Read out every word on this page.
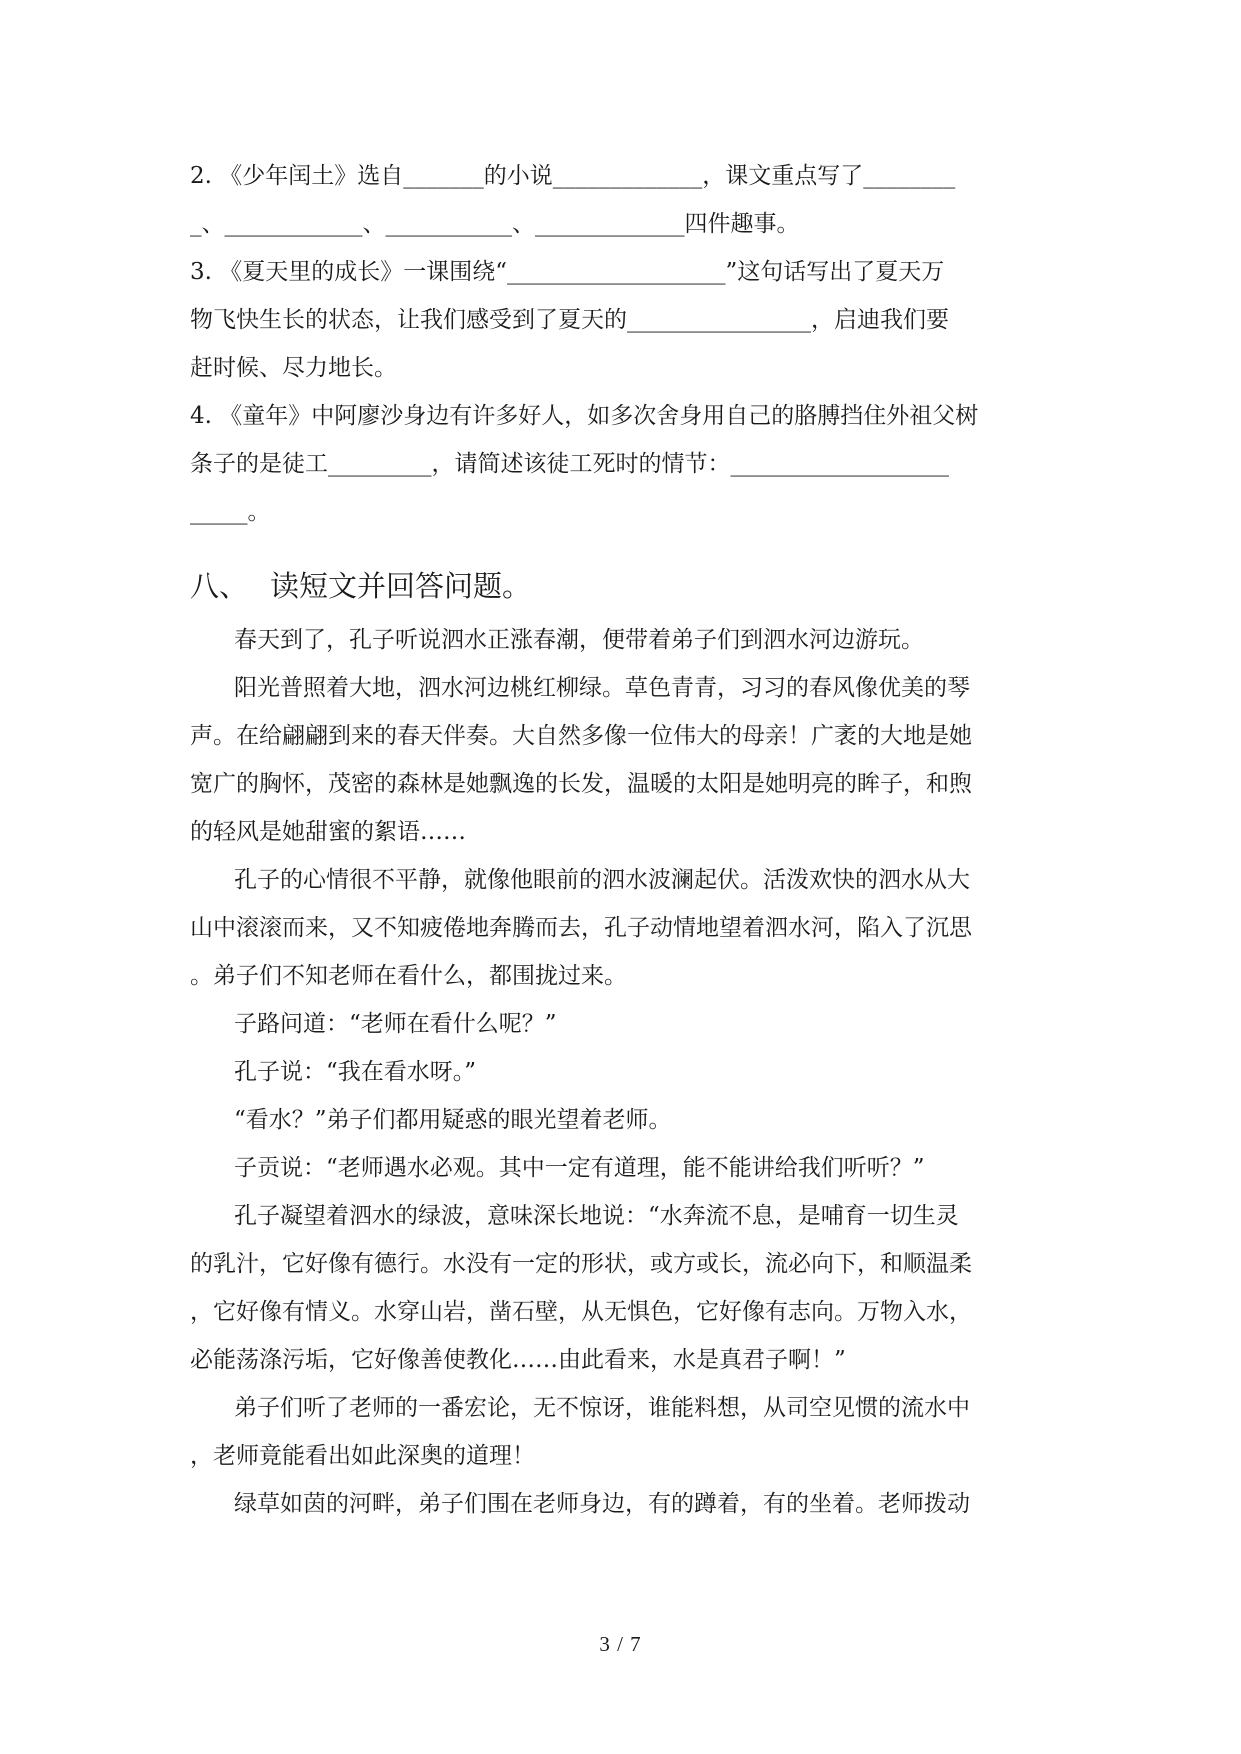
2. 《少年闰土》选自_______的小说_____________，课文重点写了________
_、____________、___________、_____________四件趣事。
3. 《夏天里的成长》一课围绕“___________________”这句话写出了夏天万
物飞快生长的状态，让我们感受到了夏天的________________，启迪我们要
赶时候、尽力地长。
4. 《童年》中阿廖沙身边有许多好人，如多次舍身用自己的胳膊挡住外祖父树
条子的是徒工_________，请简述该徒工死时的情节：___________________
_____。
八、 读短文并回答问题。
春天到了，孔子听说泗水正涨春潮，便带着弟子们到泗水河边游玩。
阳光普照着大地，泗水河边桃红柳绿。草色青青，习习的春风像优美的琴
声。在给翩翩到来的春天伴奏。大自然多像一位伟大的母亲！广袤的大地是她
宽广的胸怀，茂密的森林是她飘逸的长发，温暖的太阳是她明亮的眸子，和煦
的轻风是她甜蜜的絮语……
孔子的心情很不平静，就像他眼前的泗水波澜起伏。活泼欢快的泗水从大
山中滚滚而来，又不知疲倦地奔腾而去，孔子动情地望着泗水河，陷入了沉思
。弟子们不知老师在看什么，都围拢过来。
子路问道：“老师在看什么呢？”
孔子说：“我在看水呀。”
“看水？”弟子们都用疑惑的眼光望着老师。
子贡说：“老师遇水必观。其中一定有道理，能不能讲给我们听听？”
孔子凝望着泗水的绿波，意味深长地说：“水奔流不息，是哺育一切生灵
的乳汁，它好像有德行。水没有一定的形状，或方或长，流必向下，和顺温柔
，它好像有情义。水穿山岩，凿石壁，从无惧色，它好像有志向。万物入水，
必能荡涤污垢，它好像善使教化……由此看来，水是真君子啊！”
弟子们听了老师的一番宏论，无不惊讶，谁能料想，从司空见惯的流水中
，老师竟能看出如此深奥的道理！
绿草如茵的河畔，弟子们围在老师身边，有的蹲着，有的坐着。老师拨动
3 / 7
